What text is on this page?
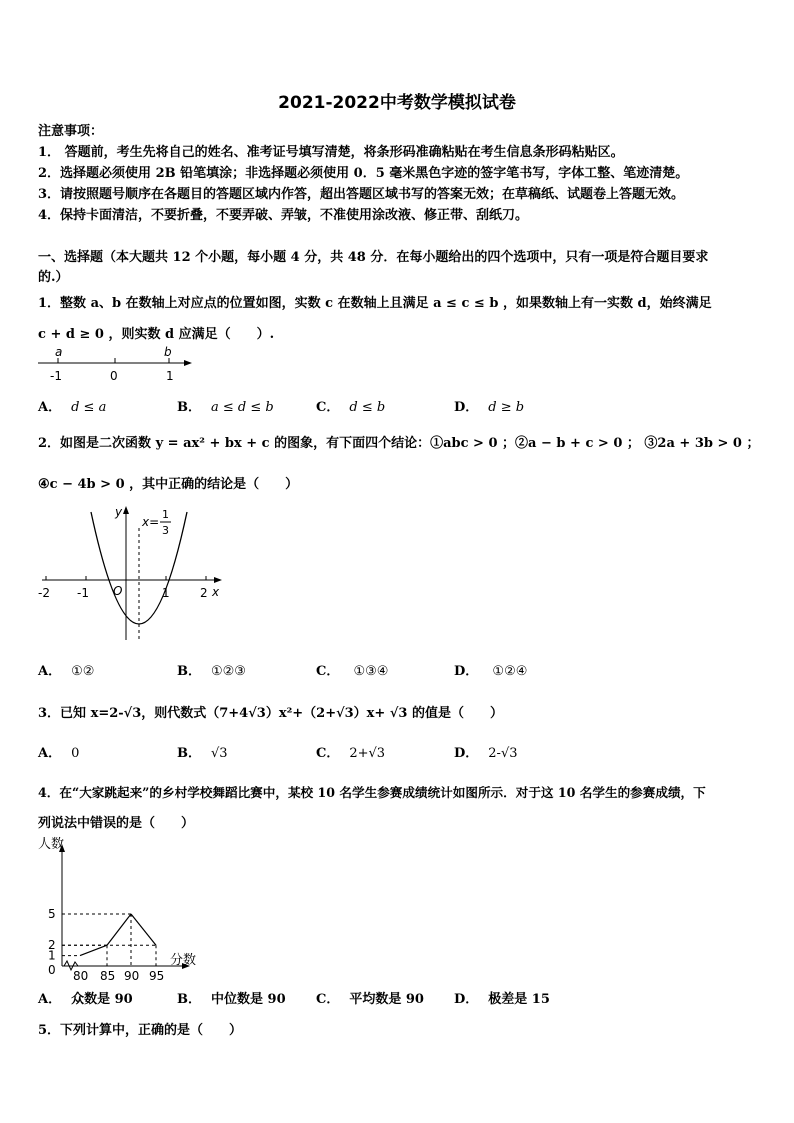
2021-2022中考数学模拟试卷
注意事项：
1． 答题前，考生先将自己的姓名、准考证号填写清楚，将条形码准确粘贴在考生信息条形码粘贴区。
2．选择题必须使用 2B 铅笔填涂；非选择题必须使用 0．5 毫米黑色字迹的签字笔书写，字体工整、笔迹清楚。
3．请按照题号顺序在各题目的答题区域内作答，超出答题区域书写的答案无效；在草稿纸、试题卷上答题无效。
4．保持卡面清洁，不要折叠，不要弄破、弄皱，不准使用涂改液、修正带、刮纸刀。
一、选择题（本大题共 12 个小题，每小题 4 分，共 48 分．在每小题给出的四个选项中，只有一项是符合题目要求
的.）
1．整数 a、b 在数轴上对应点的位置如图，实数 c 在数轴上且满足 a ≤ c ≤ b ，如果数轴上有一实数 d，始终满足
c + d ≥ 0 ，则实数 d 应满足（　　）.
a	b
-1	0	1
A． d ≤ a	B． a ≤ d ≤ b	C． d ≤ b	D． d ≥ b
2．如图是二次函数 y = ax² + bx + c 的图象，有下面四个结论：①abc > 0 ；②a − b + c > 0 ； ③2a + 3b > 0 ；
④c − 4b > 0 ，其中正确的结论是（　　）
y
x
O
x=
1
3
-2 -1	1	2
A． ①②	B． ①②③	C． ①③④	D． ①②④
3．已知 x=2-√3，则代数式（7+4√3）x²+（2+√3）x+ √3 的值是（　　）
A． 0	B． √3	C． 2+√3	D． 2-√3
4．在“大家跳起来”的乡村学校舞蹈比赛中，某校 10 名学生参赛成绩统计如图所示．对于这 10 名学生的参赛成绩，下
列说法中错误的是（　　）
80 85 90 95
1
2
5
人数
分数
0
A． 众数是 90	B． 中位数是 90 C． 平均数是 90 D． 极差是 15
5．下列计算中，正确的是（　　）
